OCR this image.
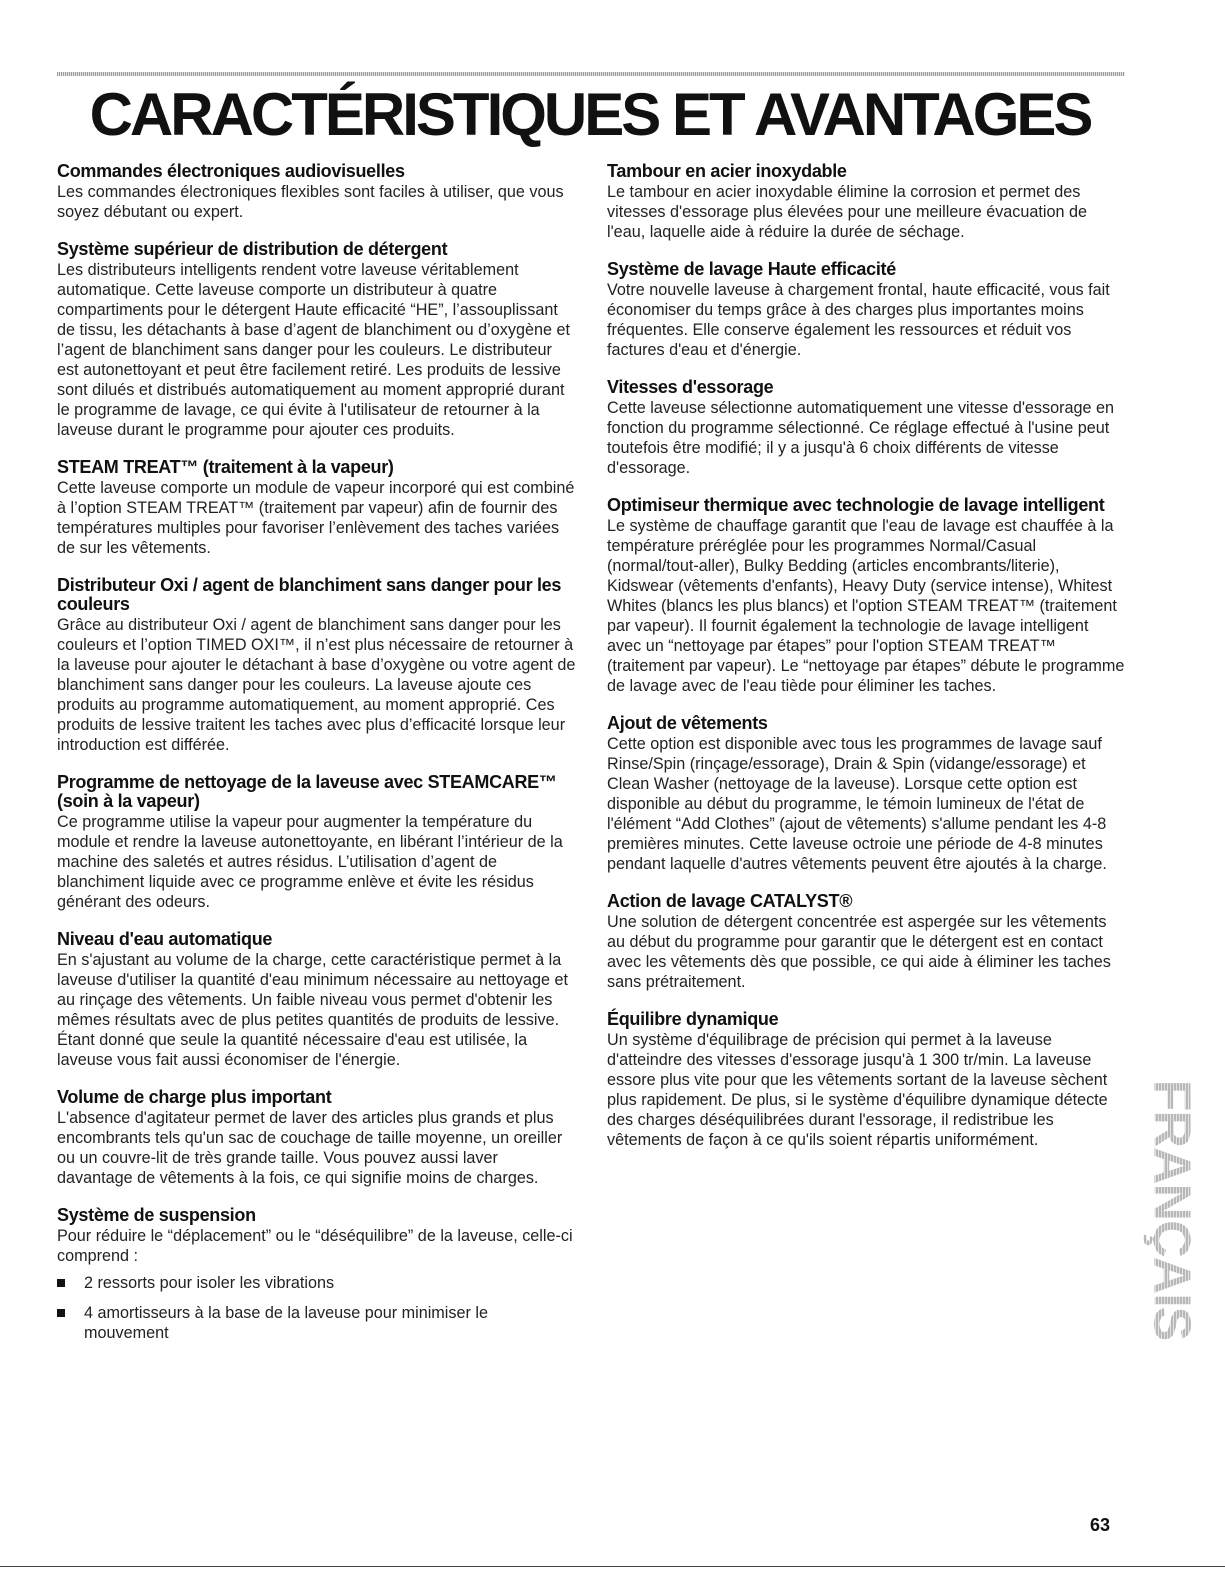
CARACTÉRISTIQUES ET AVANTAGES
Commandes électroniques audiovisuelles

Les commandes électroniques flexibles sont faciles à utiliser, que vous soyez débutant ou expert.

Système supérieur de distribution de détergent

Les distributeurs intelligents rendent votre laveuse véritablement automatique. Cette laveuse comporte un distributeur à quatre compartiments pour le détergent Haute efficacité “HE”, l’assouplissant de tissu, les détachants à base d’agent de blanchiment ou d’oxygène et l’agent de blanchiment sans danger pour les couleurs. Le distributeur est autonettoyant et peut être facilement retiré. Les produits de lessive sont dilués et distribués automatiquement au moment approprié durant le programme de lavage, ce qui évite à l'utilisateur de retourner à la laveuse durant le programme pour ajouter ces produits.

STEAM TREAT™ (traitement à la vapeur)

Cette laveuse comporte un module de vapeur incorporé qui est combiné à l’option STEAM TREAT™ (traitement par vapeur) afin de fournir des températures multiples pour favoriser l’enlèvement des taches variées de sur les vêtements.

Distributeur Oxi / agent de blanchiment sans danger pour les couleurs

Grâce au distributeur Oxi / agent de blanchiment sans danger pour les couleurs et l’option TIMED OXI™, il n’est plus nécessaire de retourner à la laveuse pour ajouter le détachant à base d’oxygène ou votre agent de blanchiment sans danger pour les couleurs. La laveuse ajoute ces produits au programme automatiquement, au moment approprié. Ces produits de lessive traitent les taches avec plus d’efficacité lorsque leur introduction est différée.

Programme de nettoyage de la laveuse avec STEAMCARE™ (soin à la vapeur)

Ce programme utilise la vapeur pour augmenter la température du module et rendre la laveuse autonettoyante, en libérant l’intérieur de la machine des saletés et autres résidus. L’utilisation d’agent de blanchiment liquide avec ce programme enlève et évite les résidus générant des odeurs.

Niveau d'eau automatique

En s'ajustant au volume de la charge, cette caractéristique permet à la laveuse d'utiliser la quantité d'eau minimum nécessaire au nettoyage et au rinçage des vêtements. Un faible niveau vous permet d'obtenir les mêmes résultats avec de plus petites quantités de produits de lessive. Étant donné que seule la quantité nécessaire d'eau est utilisée, la laveuse vous fait aussi économiser de l'énergie.

Volume de charge plus important

L'absence d'agitateur permet de laver des articles plus grands et plus encombrants tels qu'un sac de couchage de taille moyenne, un oreiller ou un couvre-lit de très grande taille. Vous pouvez aussi laver davantage de vêtements à la fois, ce qui signifie moins de charges.

Système de suspension

Pour réduire le “déplacement” ou le “déséquilibre” de la laveuse, celle-ci comprend :

2 ressorts pour isoler les vibrations
4 amortisseurs à la base de la laveuse pour minimiser le mouvement
Tambour en acier inoxydable

Le tambour en acier inoxydable élimine la corrosion et permet des vitesses d'essorage plus élevées pour une meilleure évacuation de l'eau, laquelle aide à réduire la durée de séchage.

Système de lavage Haute efficacité

Votre nouvelle laveuse à chargement frontal, haute efficacité, vous fait économiser du temps grâce à des charges plus importantes moins fréquentes. Elle conserve également les ressources et réduit vos factures d'eau et d'énergie.

Vitesses d'essorage

Cette laveuse sélectionne automatiquement une vitesse d'essorage en fonction du programme sélectionné. Ce réglage effectué à l'usine peut toutefois être modifié; il y a jusqu'à 6 choix différents de vitesse d'essorage.

Optimiseur thermique avec technologie de lavage intelligent

Le système de chauffage garantit que l'eau de lavage est chauffée à la température préréglée pour les programmes Normal/Casual (normal/tout-aller), Bulky Bedding (articles encombrants/literie), Kidswear (vêtements d'enfants), Heavy Duty (service intense), Whitest Whites (blancs les plus blancs) et l'option STEAM TREAT™ (traitement par vapeur). Il fournit également la technologie de lavage intelligent avec un “nettoyage par étapes” pour l'option STEAM TREAT™ (traitement par vapeur). Le “nettoyage par étapes” débute le programme de lavage avec de l'eau tiède pour éliminer les taches.

Ajout de vêtements

Cette option est disponible avec tous les programmes de lavage sauf Rinse/Spin (rinçage/essorage), Drain & Spin (vidange/essorage) et Clean Washer (nettoyage de la laveuse). Lorsque cette option est disponible au début du programme, le témoin lumineux de l'état de l'élément “Add Clothes” (ajout de vêtements) s'allume pendant les 4-8 premières minutes. Cette laveuse octroie une période de 4-8 minutes pendant laquelle d'autres vêtements peuvent être ajoutés à la charge.

Action de lavage CATALYST®

Une solution de détergent concentrée est aspergée sur les vêtements au début du programme pour garantir que le détergent est en contact avec les vêtements dès que possible, ce qui aide à éliminer les taches sans prétraitement.

Équilibre dynamique

Un système d'équilibrage de précision qui permet à la laveuse d'atteindre des vitesses d'essorage jusqu'à 1 300 tr/min. La laveuse essore plus vite pour que les vêtements sortant de la laveuse sèchent plus rapidement. De plus, si le système d'équilibre dynamique détecte des charges déséquilibrées durant l'essorage, il redistribue les vêtements de façon à ce qu'ils soient répartis uniformément.	FRANÇAIS
63
